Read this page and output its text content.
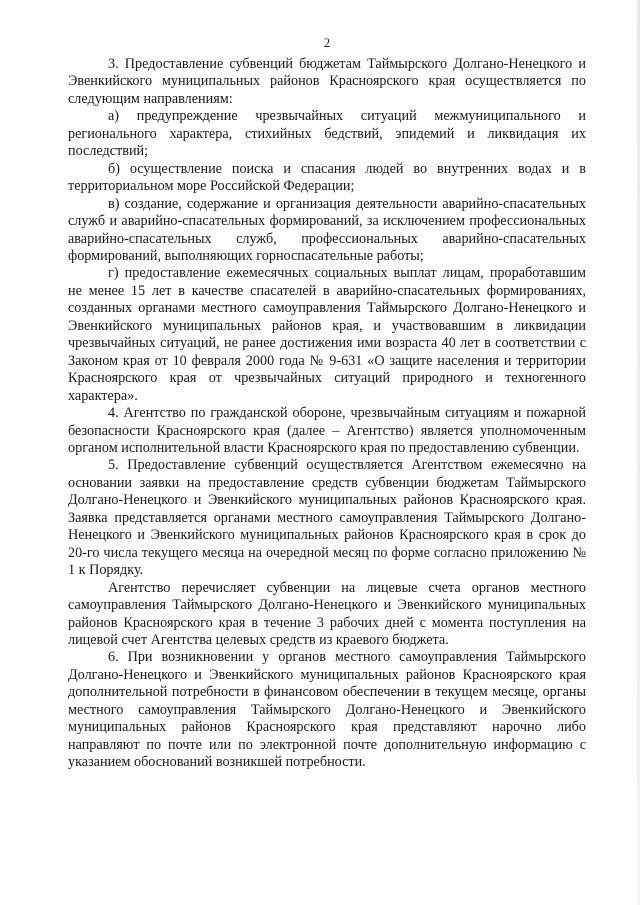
2

3. Предоставление субвенций бюджетам Таймырского Долгано-Ненецкого и Эвенкийского муниципальных районов Красноярского края осуществляется по следующим направлениям:

а) предупреждение чрезвычайных ситуаций межмуниципального и регионального характера, стихийных бедствий, эпидемий и ликвидация их последствий;

б) осуществление поиска и спасания людей во внутренних водах и в территориальном море Российской Федерации;

в) создание, содержание и организация деятельности аварийно-спасательных служб и аварийно-спасательных формирований, за исключением профессиональных аварийно-спасательных служб, профессиональных аварийно-спасательных формирований, выполняющих горноспасательные работы;

г) предоставление ежемесячных социальных выплат лицам, проработавшим не менее 15 лет в качестве спасателей в аварийно-спасательных формированиях, созданных органами местного самоуправления Таймырского Долгано-Ненецкого и Эвенкийского муниципальных районов края, и участвовавшим в ликвидации чрезвычайных ситуаций, не ранее достижения ими возраста 40 лет в соответствии с Законом края от 10 февраля 2000 года № 9-631 «О защите населения и территории Красноярского края от чрезвычайных ситуаций природного и техногенного характера».

4. Агентство по гражданской обороне, чрезвычайным ситуациям и пожарной безопасности Красноярского края (далее – Агентство) является уполномоченным органом исполнительной власти Красноярского края по предоставлению субвенции.

5. Предоставление субвенций осуществляется Агентством ежемесячно на основании заявки на предоставление средств субвенции бюджетам Таймырского Долгано-Ненецкого и Эвенкийского муниципальных районов Красноярского края. Заявка представляется органами местного самоуправления Таймырского Долгано-Ненецкого и Эвенкийского муниципальных районов Красноярского края в срок до 20-го числа текущего месяца на очередной месяц по форме согласно приложению № 1 к Порядку.

Агентство перечисляет субвенции на лицевые счета органов местного самоуправления Таймырского Долгано-Ненецкого и Эвенкийского муниципальных районов Красноярского края в течение 3 рабочих дней с момента поступления на лицевой счет Агентства целевых средств из краевого бюджета.

6. При возникновении у органов местного самоуправления Таймырского Долгано-Ненецкого и Эвенкийского муниципальных районов Красноярского края дополнительной потребности в финансовом обеспечении в текущем месяце, органы местного самоуправления Таймырского Долгано-Ненецкого и Эвенкийского муниципальных районов Красноярского края представляют нарочно либо направляют по почте или по электронной почте дополнительную информацию с указанием обоснований возникшей потребности.
